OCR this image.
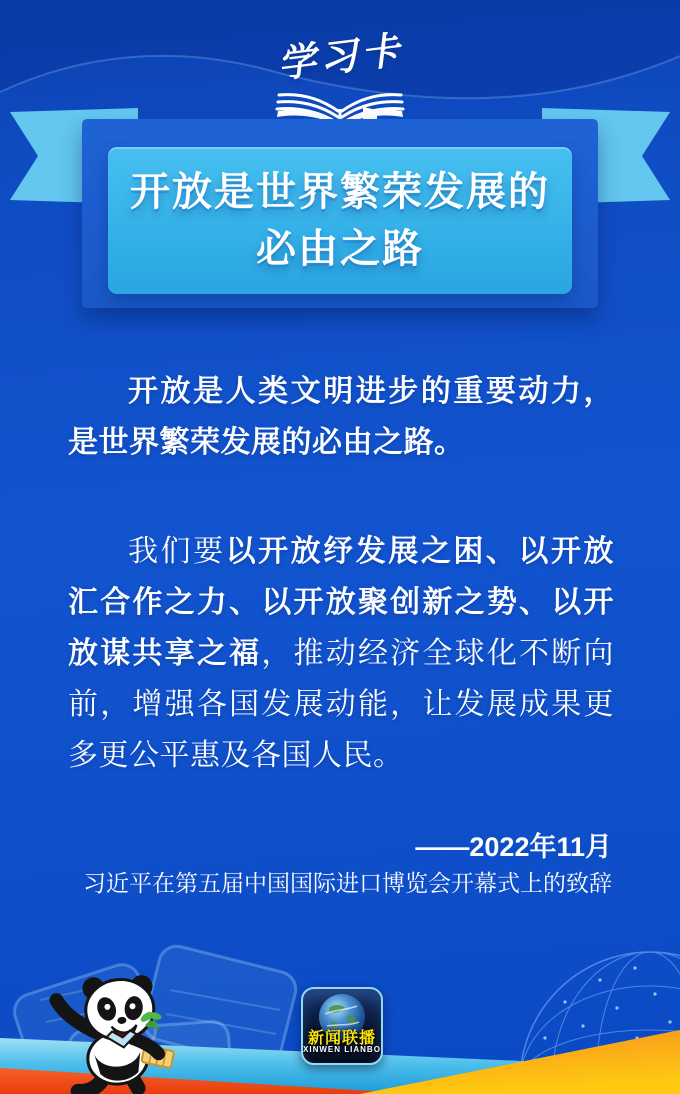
学习卡
开放是世界繁荣发展的
必由之路

开放是人类文明进步的重要动力，是世界繁荣发展的必由之路。

我们要以开放纾发展之困、以开放汇合作之力、以开放聚创新之势、以开放谋共享之福，推动经济全球化不断向前，增强各国发展动能，让发展成果更多更公平惠及各国人民。

——2022年11月
习近平在第五届中国国际进口博览会开幕式上的致辞
新闻联播
XINWEN LIANBO
